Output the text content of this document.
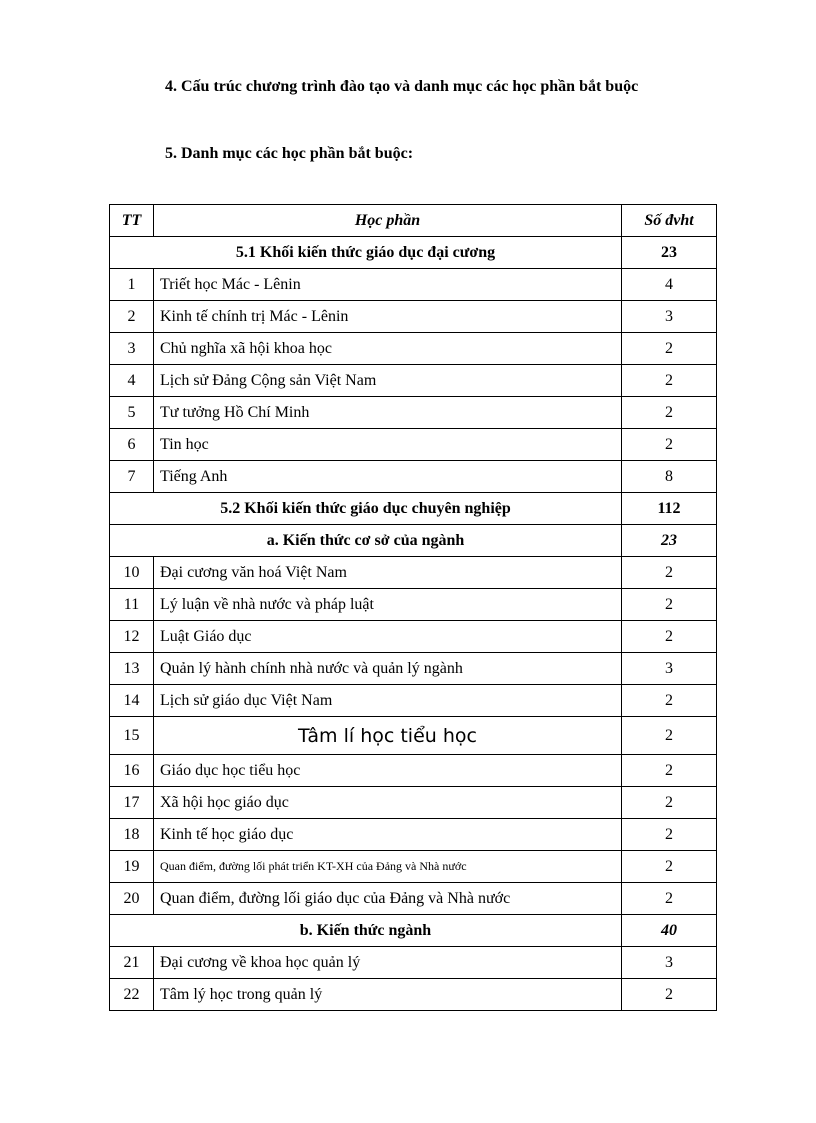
4. Cấu trúc chương trình đào tạo và danh mục các học phần bắt buộc
5. Danh mục các học phần bắt buộc:
TT	Học phần	Số đvht
5.1 Khối kiến thức giáo dục đại cương		23
1	Triết học Mác - Lênin	4
2	Kinh tế chính trị Mác - Lênin	3
3	Chủ nghĩa xã hội khoa học	2
4	Lịch sử Đảng Cộng sản Việt Nam	2
5	Tư tưởng Hồ Chí Minh	2
6	Tin học	2
7	Tiếng Anh	8
5.2 Khối kiến thức giáo dục chuyên nghiệp		112
a. Kiến thức cơ sở của ngành		23
10	Đại cương văn hoá Việt Nam	2
11	Lý luận về nhà nước và pháp luật	2
12	Luật Giáo dục	2
13	Quản lý hành chính nhà nước và quản lý ngành	3
14	Lịch sử giáo dục Việt Nam	2
15	Tâm lí học tiểu học	2
16	Giáo dục học tiểu học	2
17	Xã hội học giáo dục	2
18	Kinh tế học giáo dục	2
19	Quan điểm, đường lối phát triển KT-XH của Đảng và Nhà nước	2
20	Quan điểm, đường lối giáo dục của Đảng và Nhà nước	2
b. Kiến thức ngành		40
21	Đại cương về khoa học quản lý	3
22	Tâm lý học trong quản lý	2
